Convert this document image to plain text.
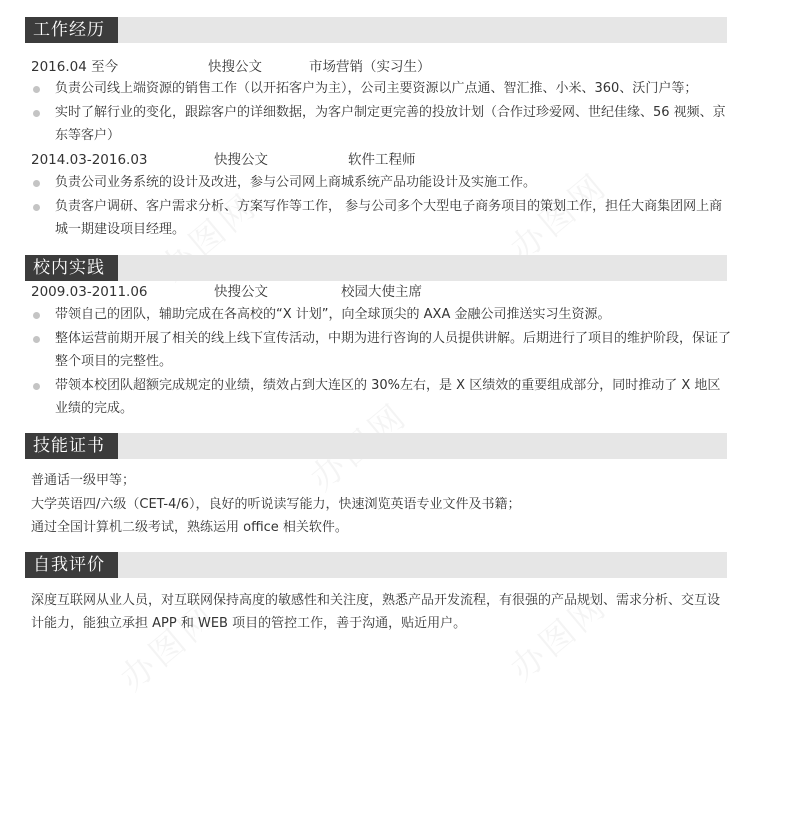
工作经历
2016.04 至今	快搜公文	市场营销（实习生）
负责公司线上端资源的销售工作（以开拓客户为主），公司主要资源以广点通、智汇推、小米、360、沃门户等；
实时了解行业的变化，跟踪客户的详细数据，为客户制定更完善的投放计划（合作过珍爱网、世纪佳缘、56 视频、京东等客户）
2014.03-2016.03	快搜公文	软件工程师
负责公司业务系统的设计及改进，参与公司网上商城系统产品功能设计及实施工作。
负责客户调研、客户需求分析、方案写作等工作， 参与公司多个大型电子商务项目的策划工作，担任大商集团网上商城一期建设项目经理。
校内实践
2009.03-2011.06	快搜公文	校园大使主席
带领自己的团队，辅助完成在各高校的“X 计划”，向全球顶尖的 AXA 金融公司推送实习生资源。
整体运营前期开展了相关的线上线下宣传活动，中期为进行咨询的人员提供讲解。后期进行了项目的维护阶段，保证了整个项目的完整性。
带领本校团队超额完成规定的业绩，绩效占到大连区的 30%左右，是 X 区绩效的重要组成部分，同时推动了 X 地区业绩的完成。
技能证书
普通话一级甲等；
大学英语四/六级（CET-4/6），良好的听说读写能力，快速浏览英语专业文件及书籍；
通过全国计算机二级考试，熟练运用 office 相关软件。
自我评价
深度互联网从业人员，对互联网保持高度的敏感性和关注度，熟悉产品开发流程，有很强的产品规划、需求分析、交互设计能力，能独立承担 APP 和 WEB 项目的管控工作，善于沟通，贴近用户。
